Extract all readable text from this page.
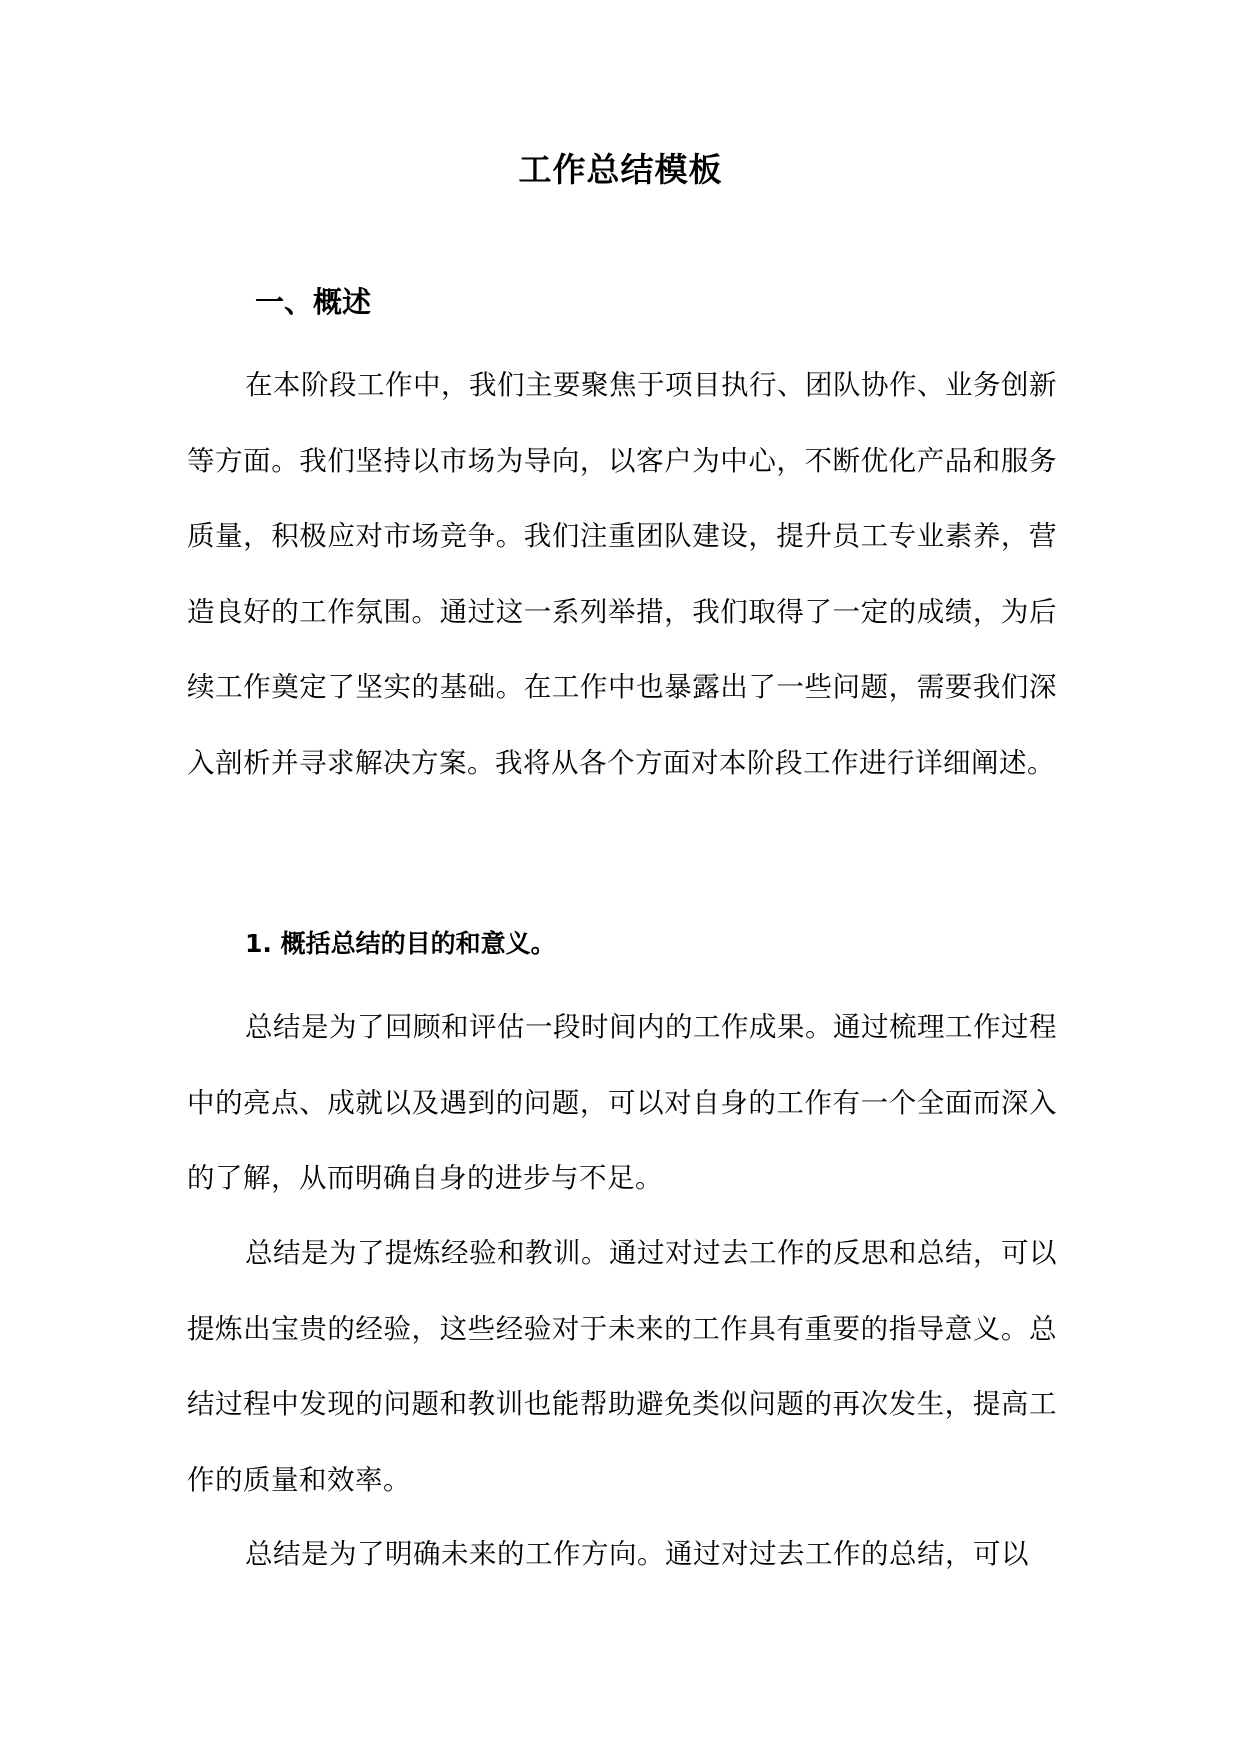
工作总结模板
一、概述

在本阶段工作中，我们主要聚焦于项目执行、团队协作、业务创新等方面。我们坚持以市场为导向，以客户为中心，不断优化产品和服务质量，积极应对市场竞争。我们注重团队建设，提升员工专业素养，营造良好的工作氛围。通过这一系列举措，我们取得了一定的成绩，为后续工作奠定了坚实的基础。在工作中也暴露出了一些问题，需要我们深入剖析并寻求解决方案。我将从各个方面对本阶段工作进行详细阐述。

1. 概括总结的目的和意义。

总结是为了回顾和评估一段时间内的工作成果。通过梳理工作过程中的亮点、成就以及遇到的问题，可以对自身的工作有一个全面而深入的了解，从而明确自身的进步与不足。

总结是为了提炼经验和教训。通过对过去工作的反思和总结，可以提炼出宝贵的经验，这些经验对于未来的工作具有重要的指导意义。总结过程中发现的问题和教训也能帮助避免类似问题的再次发生，提高工作的质量和效率。

总结是为了明确未来的工作方向。通过对过去工作的总结，可以
